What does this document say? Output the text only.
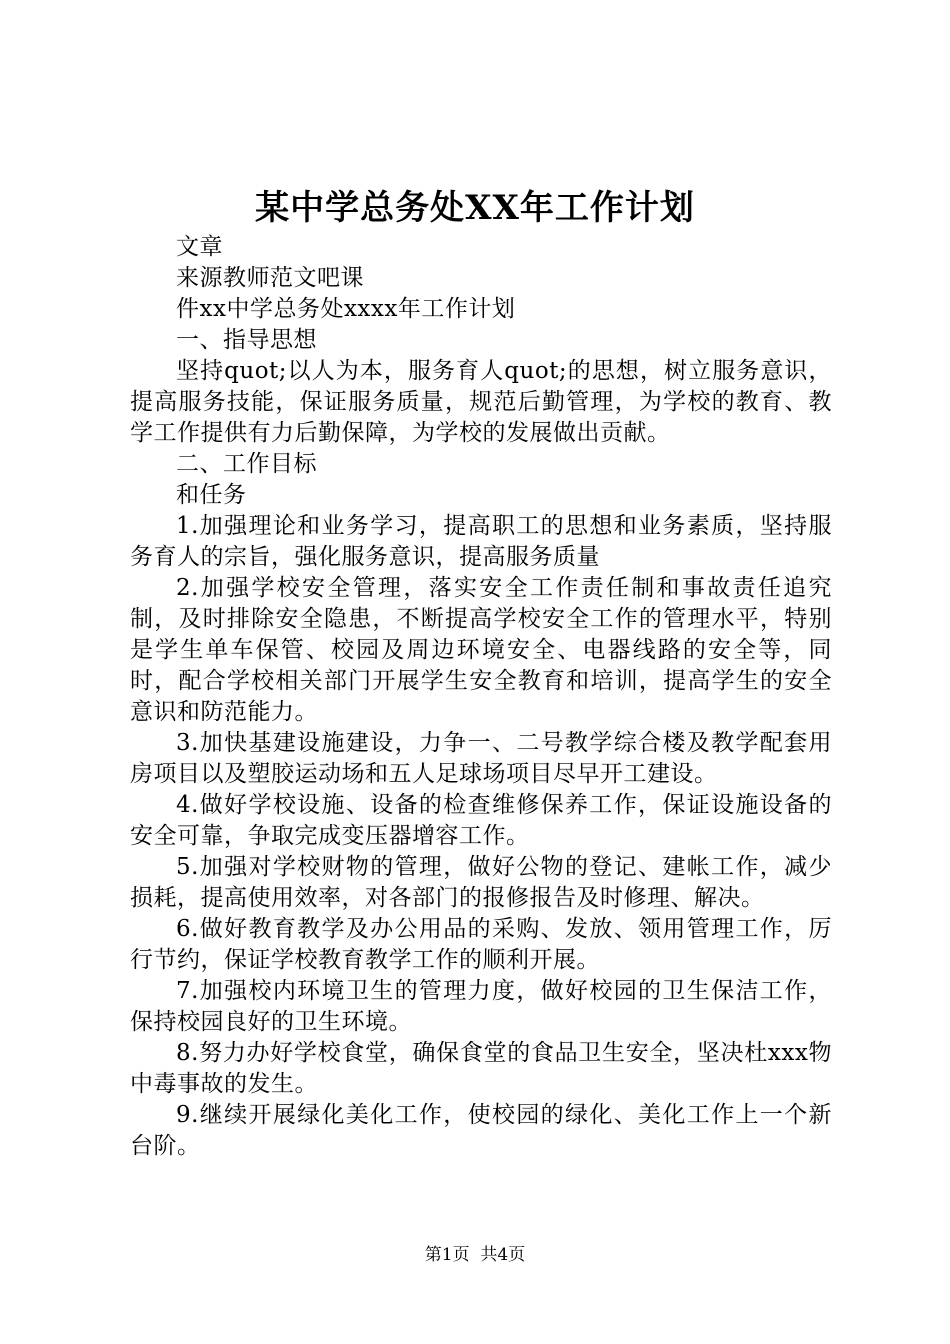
某中学总务处XX年工作计划

文章

来源教师范文吧课

件xx中学总务处xxxx年工作计划

一、指导思想

坚持quot;以人为本，服务育人quot;的思想，树立服务意识，提高服务技能，保证服务质量，规范后勤管理，为学校的教育、教学工作提供有力后勤保障，为学校的发展做出贡献。

二、工作目标

和任务

1.加强理论和业务学习，提高职工的思想和业务素质，坚持服务育人的宗旨，强化服务意识，提高服务质量

2.加强学校安全管理，落实安全工作责任制和事故责任追究制，及时排除安全隐患，不断提高学校安全工作的管理水平，特别是学生单车保管、校园及周边环境安全、电器线路的安全等，同时，配合学校相关部门开展学生安全教育和培训，提高学生的安全意识和防范能力。

3.加快基建设施建设，力争一、二号教学综合楼及教学配套用房项目以及塑胶运动场和五人足球场项目尽早开工建设。

4.做好学校设施、设备的检查维修保养工作，保证设施设备的安全可靠，争取完成变压器增容工作。

5.加强对学校财物的管理，做好公物的登记、建帐工作，减少损耗，提高使用效率，对各部门的报修报告及时修理、解决。

6.做好教育教学及办公用品的采购、发放、领用管理工作，厉行节约，保证学校教育教学工作的顺利开展。

7.加强校内环境卫生的管理力度，做好校园的卫生保洁工作，保持校园良好的卫生环境。

8.努力办好学校食堂，确保食堂的食品卫生安全，坚决杜xxx物中毒事故的发生。

9.继续开展绿化美化工作，使校园的绿化、美化工作上一个新台阶。

第1页  共4页
